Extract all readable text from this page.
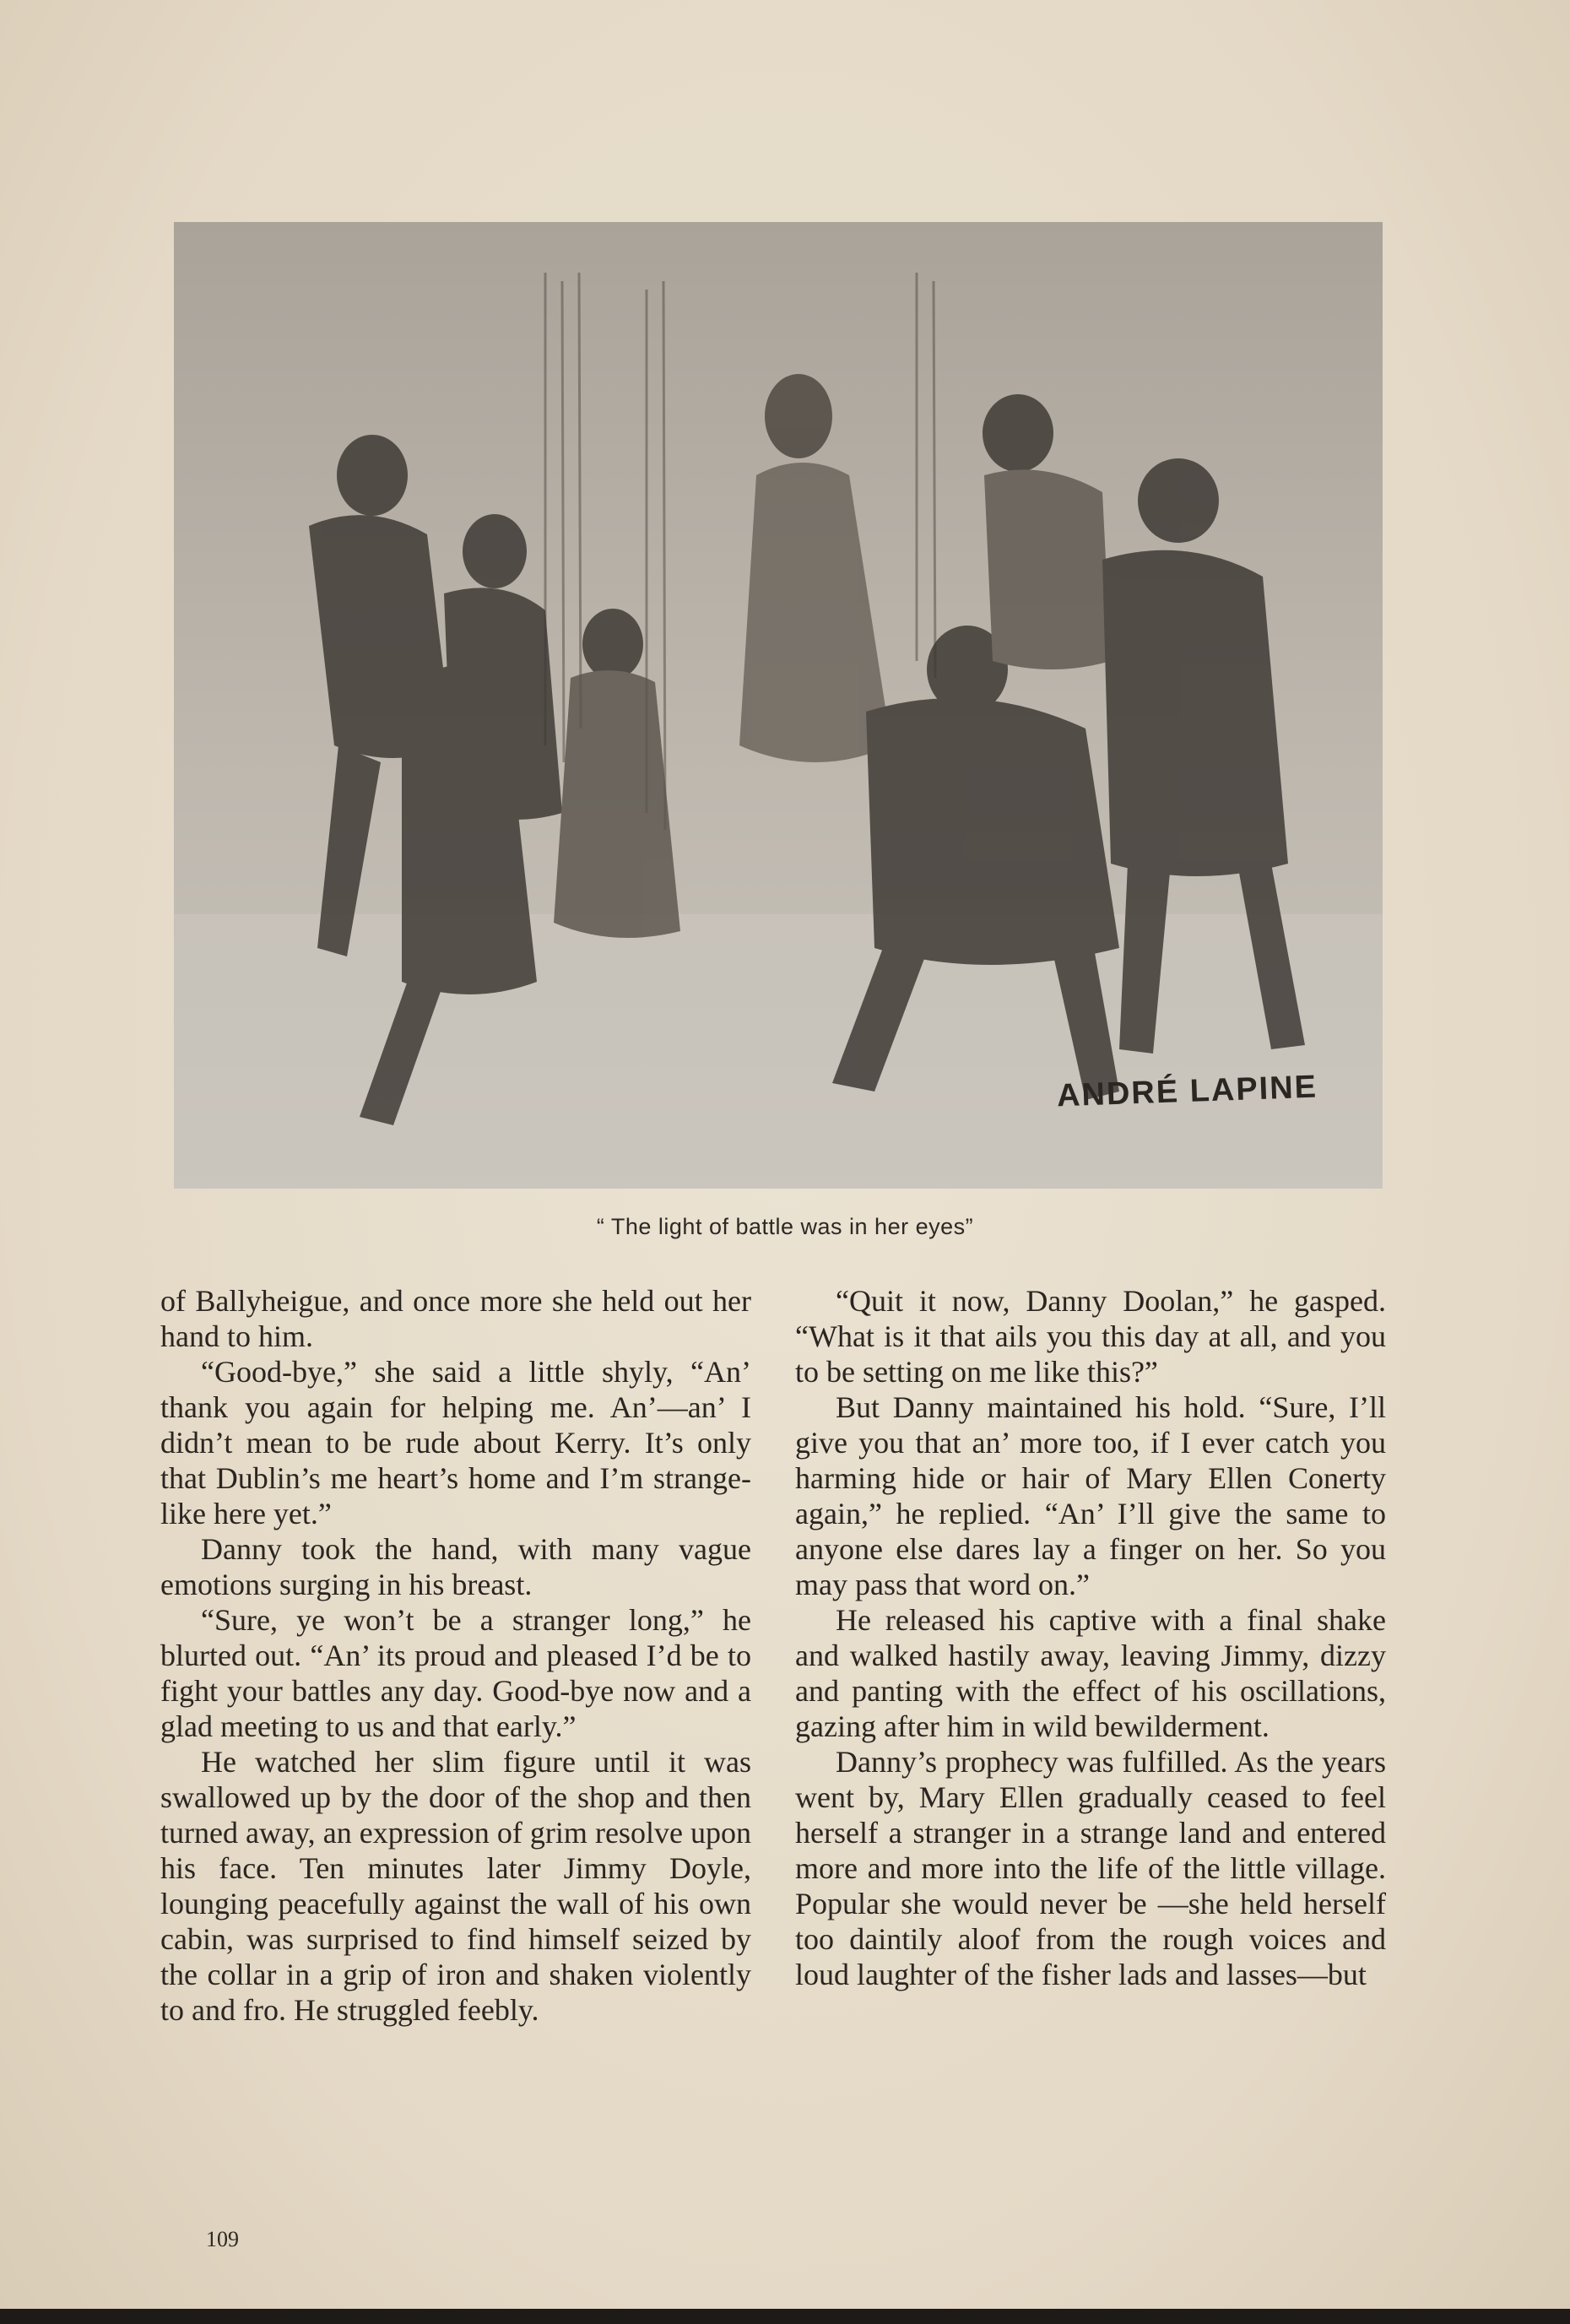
ANDRÉ LAPINE
“ The light of battle was in her eyes”

of Ballyheigue, and once more she held out her hand to him.

“Good-bye,” she said a little shyly, “An’ thank you again for helping me. An’—an’ I didn’t mean to be rude about Kerry. It’s only that Dublin’s me heart’s home and I’m strange-like here yet.”

Danny took the hand, with many vague emotions surging in his breast.

“Sure, ye won’t be a stranger long,” he blurted out. “An’ its proud and pleased I’d be to fight your battles any day. Good-bye now and a glad meeting to us and that early.”

He watched her slim figure until it was swallowed up by the door of the shop and then turned away, an expression of grim resolve upon his face. Ten minutes later Jimmy Doyle, lounging peacefully against the wall of his own cabin, was surprised to find himself seized by the collar in a grip of iron and shaken violently to and fro. He struggled feebly.

“Quit it now, Danny Doolan,” he gasped. “What is it that ails you this day at all, and you to be setting on me like this?”

But Danny maintained his hold. “Sure, I’ll give you that an’ more too, if I ever catch you harming hide or hair of Mary Ellen Conerty again,” he replied. “An’ I’ll give the same to anyone else dares lay a finger on her. So you may pass that word on.”

He released his captive with a final shake and walked hastily away, leaving Jimmy, dizzy and panting with the effect of his oscillations, gazing after him in wild bewilderment.

Danny’s prophecy was fulfilled. As the years went by, Mary Ellen gradually ceased to feel herself a stranger in a strange land and entered more and more into the life of the little village. Popular she would never be —she held herself too daintily aloof from the rough voices and loud laughter of the fisher lads and lasses—but

109
